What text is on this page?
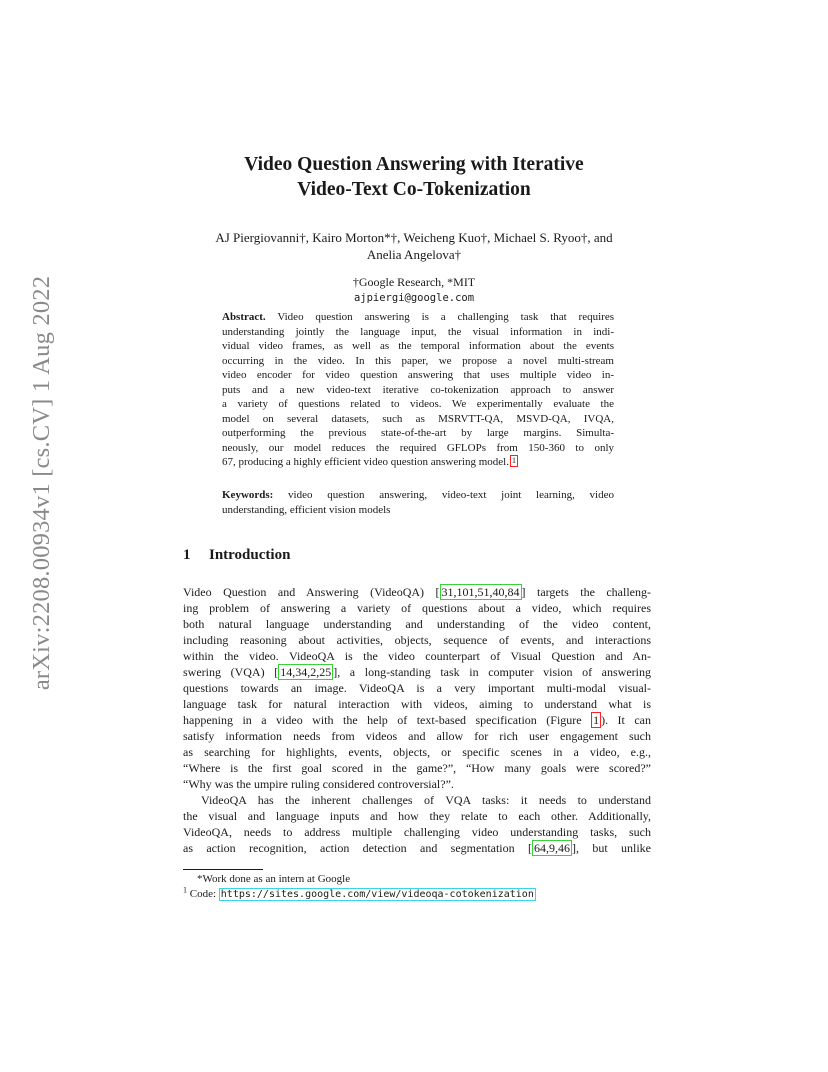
arXiv:2208.00934v1 [cs.CV] 1 Aug 2022
Video Question Answering with Iterative
Video-Text Co-Tokenization
AJ Piergiovanni†, Kairo Morton*†, Weicheng Kuo†, Michael S. Ryoo†, and
Anelia Angelova†
†Google Research, *MIT
ajpiergi@google.com
Abstract. Video question answering is a challenging task that requires
understanding jointly the language input, the visual information in indi-
vidual video frames, as well as the temporal information about the events
occurring in the video. In this paper, we propose a novel multi-stream
video encoder for video question answering that uses multiple video in-
puts and a new video-text iterative co-tokenization approach to answer
a variety of questions related to videos. We experimentally evaluate the
model on several datasets, such as MSRVTT-QA, MSVD-QA, IVQA,
outperforming the previous state-of-the-art by large margins. Simulta-
neously, our model reduces the required GFLOPs from 150-360 to only
67, producing a highly efficient video question answering model. 1
Keywords: video question answering, video-text joint learning, video
understanding, efficient vision models
1 Introduction
Video Question and Answering (VideoQA) [ 31,101,51,40,84 ] targets the challeng-
ing problem of answering a variety of questions about a video, which requires
both natural language understanding and understanding of the video content,
including reasoning about activities, objects, sequence of events, and interactions
within the video. VideoQA is the video counterpart of Visual Question and An-
swering (VQA) [ 14,34,2,25 ], a long-standing task in computer vision of answering
questions towards an image. VideoQA is a very important multi-modal visual-
language task for natural interaction with videos, aiming to understand what is
happening in a video with the help of text-based specification (Figure 1 ). It can
satisfy information needs from videos and allow for rich user engagement such
as searching for highlights, events, objects, or specific scenes in a video, e.g.,
“Where is the first goal scored in the game?”, “How many goals were scored?”
“Why was the umpire ruling considered controversial?”.
VideoQA has the inherent challenges of VQA tasks: it needs to understand
the visual and language inputs and how they relate to each other. Additionally,
VideoQA, needs to address multiple challenging video understanding tasks, such
as action recognition, action detection and segmentation [ 64,9,46 ], but unlike
*Work done as an intern at Google
$^1$ Code: https://sites.google.com/view/videoqa-cotokenization
